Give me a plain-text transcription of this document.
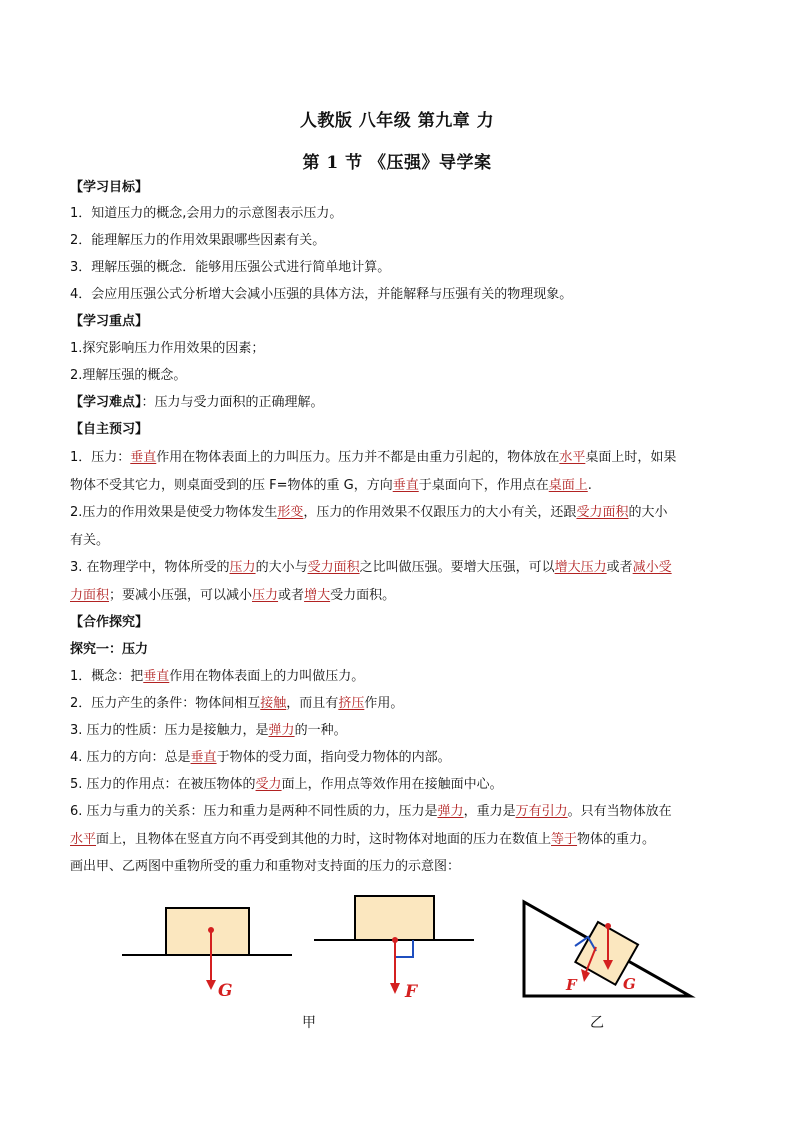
人教版 八年级 第九章 力
第 1 节 《压强》导学案
【学习目标】
1．知道压力的概念,会用力的示意图表示压力。
2．能理解压力的作用效果跟哪些因素有关。
3．理解压强的概念．能够用压强公式进行简单地计算。
4．会应用压强公式分析增大会减小压强的具体方法，并能解释与压强有关的物理现象。
【学习重点】
1.探究影响压力作用效果的因素；
2.理解压强的概念。
【学习难点】：压力与受力面积的正确理解。
【自主预习】
1．压力：垂直作用在物体表面上的力叫压力。压力并不都是由重力引起的，物体放在水平桌面上时，如果
物体不受其它力，则桌面受到的压 F=物体的重 G，方向垂直于桌面向下，作用点在桌面上.
2.压力的作用效果是使受力物体发生形变，压力的作用效果不仅跟压力的大小有关，还跟受力面积的大小
有关。
3. 在物理学中，物体所受的压力的大小与受力面积之比叫做压强。要增大压强，可以增大压力或者减小受
力面积；要减小压强，可以减小压力或者增大受力面积。
【合作探究】
探究一：压力
1．概念：把垂直作用在物体表面上的力叫做压力。
2．压力产生的条件：物体间相互接触，而且有挤压作用。
3. 压力的性质：压力是接触力，是弹力的一种。
4. 压力的方向：总是垂直于物体的受力面，指向受力物体的内部。
5. 压力的作用点：在被压物体的受力面上，作用点等效作用在接触面中心。
6. 压力与重力的关系：压力和重力是两种不同性质的力，压力是弹力，重力是万有引力。只有当物体放在
水平面上，且物体在竖直方向不再受到其他的力时，这时物体对地面的压力在数值上等于物体的重力。
画出甲、乙两图中重物所受的重力和重物对支持面的压力的示意图：
G	F	F	G
甲	乙
